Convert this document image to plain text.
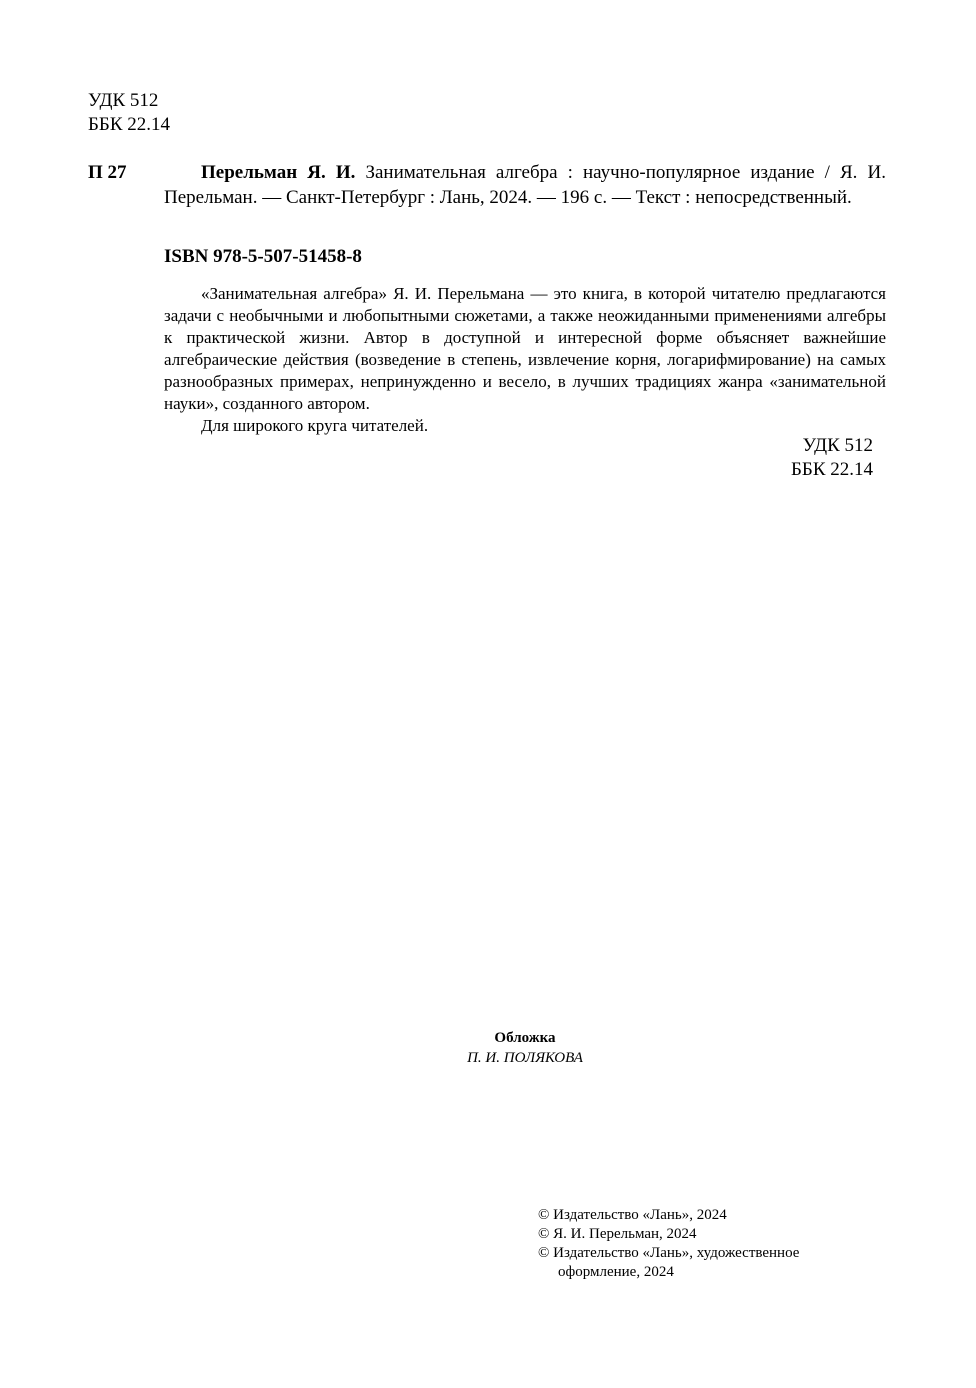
УДК 512
ББК 22.14
П 27	Перельман Я. И. Занимательная алгебра : научно-популярное издание / Я. И. Перельман. — Санкт-Петербург : Лань, 2024. — 196 с. — Текст : непосредственный.
ISBN 978-5-507-51458-8

«Занимательная алгебра» Я. И. Перельмана — это книга, в которой читателю предлагаются задачи с необычными и любопытными сюжетами, а также неожиданными применениями алгебры к практической жизни. Автор в доступной и интересной форме объясняет важнейшие алгебраические действия (возведение в степень, извлечение корня, логарифмирование) на самых разнообразных примерах, непринужденно и весело, в лучших традициях жанра «занимательной науки», созданного автором.

Для широкого круга читателей.

УДК 512
ББК 22.14
Обложка
П. И. ПОЛЯКОВА
© Издательство «Лань», 2024
© Я. И. Перельман, 2024
© Издательство «Лань», художественное
оформление, 2024
